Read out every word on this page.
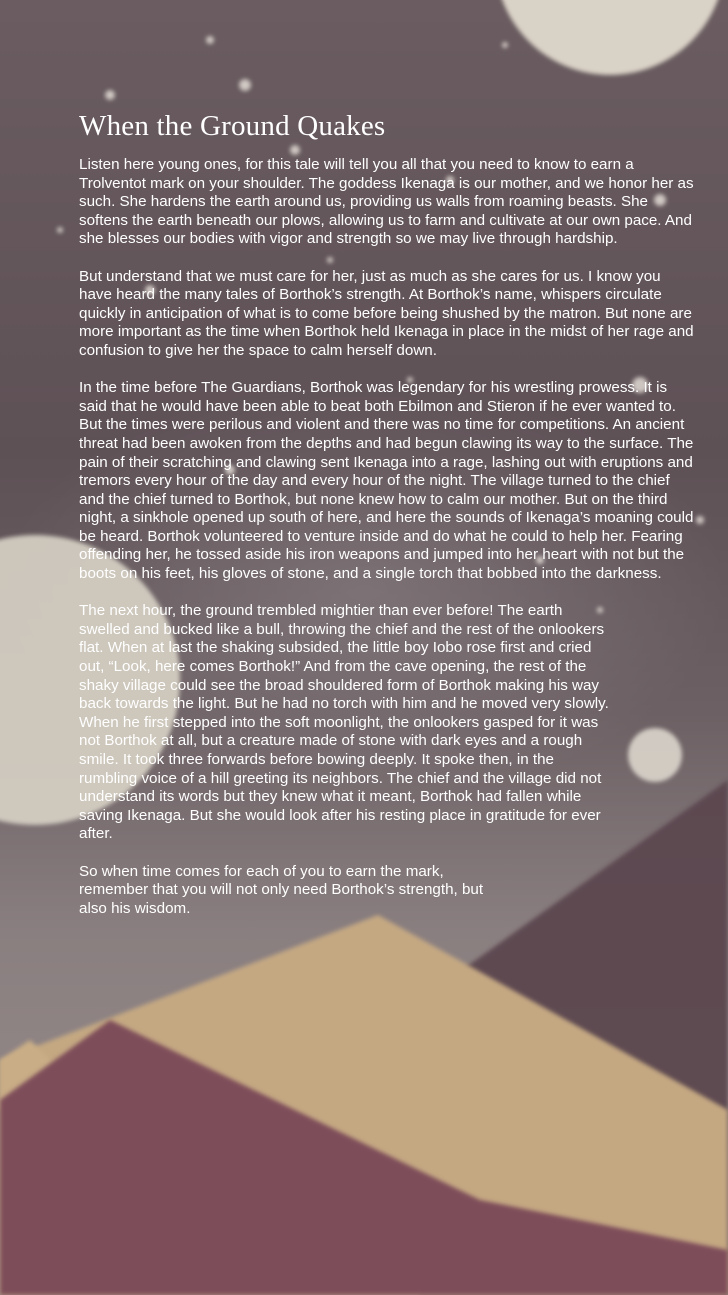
When the Ground Quakes

Listen here young ones, for this tale will tell you all that you need to know to earn a Trolventot mark on your shoulder. The goddess Ikenaga is our mother, and we honor her as such. She hardens the earth around us, providing us walls from roaming beasts. She softens the earth beneath our plows, allowing us to farm and cultivate at our own pace. And she blesses our bodies with vigor and strength so we may live through hardship.

But understand that we must care for her, just as much as she cares for us. I know you have heard the many tales of Borthok’s strength. At Borthok’s name, whispers circulate quickly in anticipation of what is to come before being shushed by the matron. But none are more important as the time when Borthok held Ikenaga in place in the midst of her rage and confusion to give her the space to calm herself down.

In the time before The Guardians, Borthok was legendary for his wrestling prowess. It is said that he would have been able to beat both Ebilmon and Stieron if he ever wanted to. But the times were perilous and violent and there was no time for competitions. An ancient threat had been awoken from the depths and had begun clawing its way to the surface. The pain of their scratching and clawing sent Ikenaga into a rage, lashing out with eruptions and tremors every hour of the day and every hour of the night. The village turned to the chief and the chief turned to Borthok, but none knew how to calm our mother. But on the third night, a sinkhole opened up south of here, and here the sounds of Ikenaga’s moaning could be heard. Borthok volunteered to venture inside and do what he could to help her. Fearing offending her, he tossed aside his iron weapons and jumped into her heart with not but the boots on his feet, his gloves of stone, and a single torch that bobbed into the darkness.

The next hour, the ground trembled mightier than ever before! The earth swelled and bucked like a bull, throwing the chief and the rest of the onlookers flat. When at last the shaking subsided, the little boy Iobo rose first and cried out, “Look, here comes Borthok!” And from the cave opening, the rest of the shaky village could see the broad shouldered form of Borthok making his way back towards the light. But he had no torch with him and he moved very slowly. When he first stepped into the soft moonlight, the onlookers gasped for it was not Borthok at all, but a creature made of stone with dark eyes and a rough smile. It took three forwards before bowing deeply. It spoke then, in the rumbling voice of a hill greeting its neighbors. The chief and the village did not understand its words but they knew what it meant, Borthok had fallen while saving Ikenaga. But she would look after his resting place in gratitude for ever after.

So when time comes for each of you to earn the mark, remember that you will not only need Borthok’s strength, but also his wisdom.
